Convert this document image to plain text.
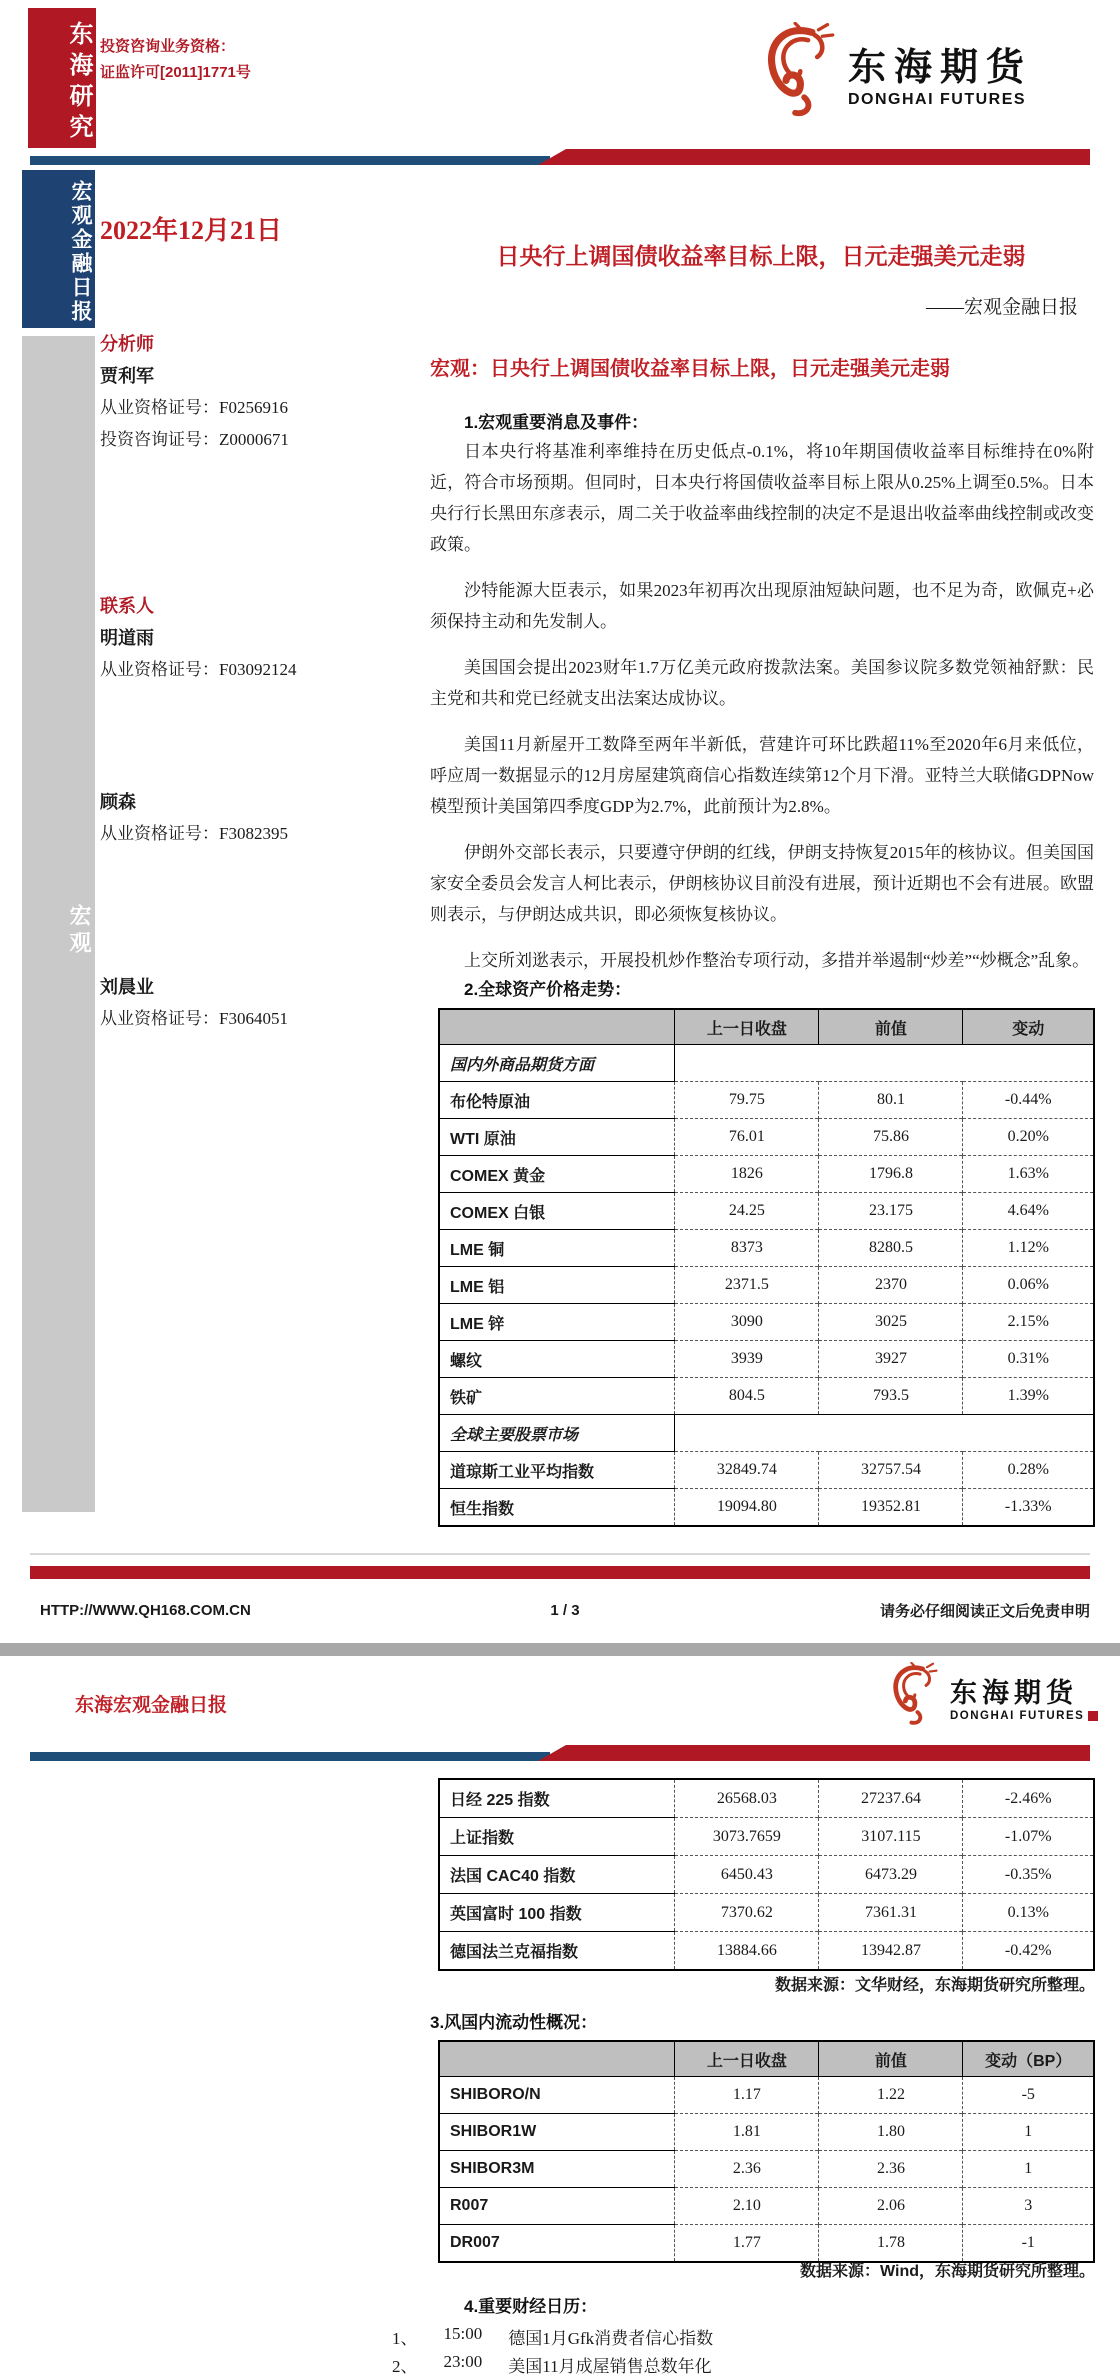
东海研究 投资咨询业务资格：
证监许可[2011]1771号	东海期货
DONGHAI FUTURES
宏观金融日报
宏观
2022年12月21日
日央行上调国债收益率目标上限，日元走强美元走弱
——宏观金融日报
分析师
贾利军
从业资格证号：F0256916
投资咨询证号：Z0000671
联系人
明道雨
从业资格证号：F03092124
顾森
从业资格证号：F3082395
刘晨业
从业资格证号：F3064051
宏观：日央行上调国债收益率目标上限，日元走强美元走弱
1.宏观重要消息及事件：

日本央行将基准利率维持在历史低点-0.1%，将10年期国债收益率目标维持在0%附近，符合市场预期。但同时，日本央行将国债收益率目标上限从0.25%上调至0.5%。日本央行行长黑田东彦表示，周二关于收益率曲线控制的决定不是退出收益率曲线控制或改变政策。

沙特能源大臣表示，如果2023年初再次出现原油短缺问题，也不足为奇，欧佩克+必须保持主动和先发制人。

美国国会提出2023财年1.7万亿美元政府拨款法案。美国参议院多数党领袖舒默：民主党和共和党已经就支出法案达成协议。

美国11月新屋开工数降至两年半新低，营建许可环比跌超11%至2020年6月来低位，呼应周一数据显示的12月房屋建筑商信心指数连续第12个月下滑。亚特兰大联储GDPNow模型预计美国第四季度GDP为2.7%，此前预计为2.8%。

伊朗外交部长表示，只要遵守伊朗的红线，伊朗支持恢复2015年的核协议。但美国国家安全委员会发言人柯比表示，伊朗核协议目前没有进展，预计近期也不会有进展。欧盟则表示，与伊朗达成共识，即必须恢复核协议。

上交所刘逖表示，开展投机炒作整治专项行动，多措并举遏制“炒差”“炒概念”乱象。

2.全球资产价格走势：
	上一日收盘	前值	变动
国内外商品期货方面			
布伦特原油	79.75	80.1	-0.44%
WTI 原油	76.01	75.86	0.20%
COMEX 黄金	1826	1796.8	1.63%
COMEX 白银	24.25	23.175	4.64%
LME 铜	8373	8280.5	1.12%
LME 铝	2371.5	2370	0.06%
LME 锌	3090	3025	2.15%
螺纹	3939	3927	0.31%
铁矿	804.5	793.5	1.39%
全球主要股票市场			
道琼斯工业平均指数	32849.74	32757.54	0.28%
恒生指数	19094.80	19352.81	-1.33%
HTTP://WWW.QH168.COM.CN	1 / 3	请务必仔细阅读正文后免责申明
东海宏观金融日报	东海期货
DONGHAI FUTURES
日经 225 指数	26568.03	27237.64	-2.46%
上证指数	3073.7659	3107.115	-1.07%
法国 CAC40 指数	6450.43	6473.29	-0.35%
英国富时 100 指数	7370.62	7361.31	0.13%
德国法兰克福指数	13884.66	13942.87	-0.42%
数据来源：文华财经，东海期货研究所整理。
3.风国内流动性概况：
	上一日收盘	前值	变动（BP）
SHIBORO/N	1.17	1.22	-5
SHIBOR1W	1.81	1.80	1
SHIBOR3M	2.36	2.36	1
R007	2.10	2.06	3
DR007	1.77	1.78	-1
数据来源：Wind，东海期货研究所整理。
4.重要财经日历：
1、 15:00 德国1月Gfk消费者信心指数
2、 23:00 美国11月成屋销售总数年化
